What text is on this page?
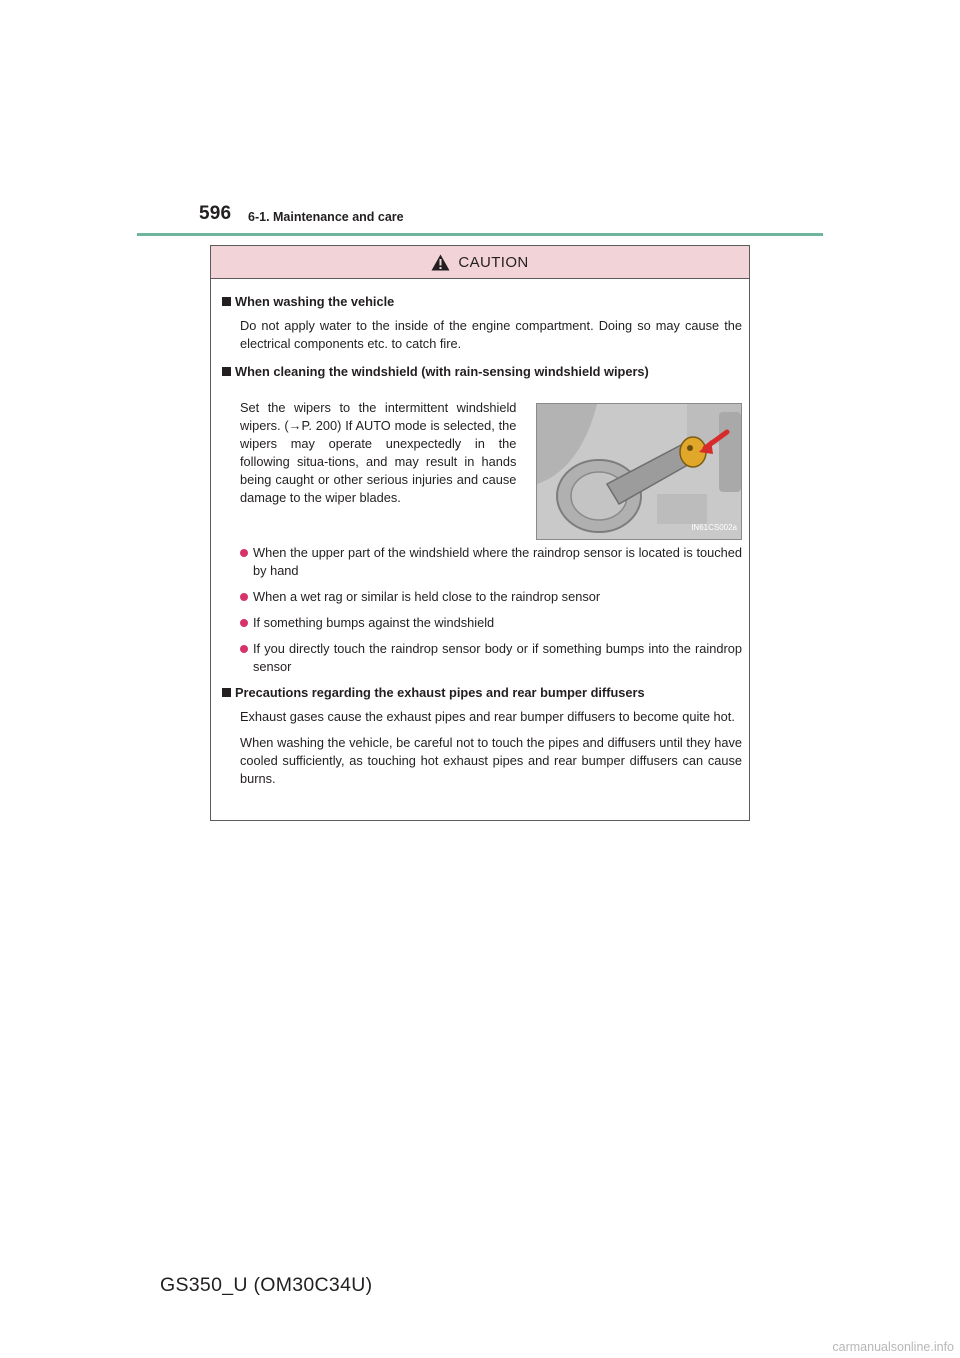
596 6-1. Maintenance and care
CAUTION
When washing the vehicle
Do not apply water to the inside of the engine compartment. Doing so may cause the electrical components etc. to catch fire.
When cleaning the windshield (with rain-sensing windshield wipers)
Set the wipers to the intermittent windshield wipers. (→P. 200) If AUTO mode is selected, the wipers may operate unexpectedly in the following situa-tions, and may result in hands being caught or other serious injuries and cause damage to the wiper blades.
IN61CS002a
When the upper part of the windshield where the raindrop sensor is located is touched by hand
When a wet rag or similar is held close to the raindrop sensor
If something bumps against the windshield
If you directly touch the raindrop sensor body or if something bumps into the raindrop sensor
Precautions regarding the exhaust pipes and rear bumper diffusers
Exhaust gases cause the exhaust pipes and rear bumper diffusers to become quite hot.
When washing the vehicle, be careful not to touch the pipes and diffusers until they have cooled sufficiently, as touching hot exhaust pipes and rear bumper diffusers can cause burns.
GS350_U (OM30C34U)
carmanualsonline.info
